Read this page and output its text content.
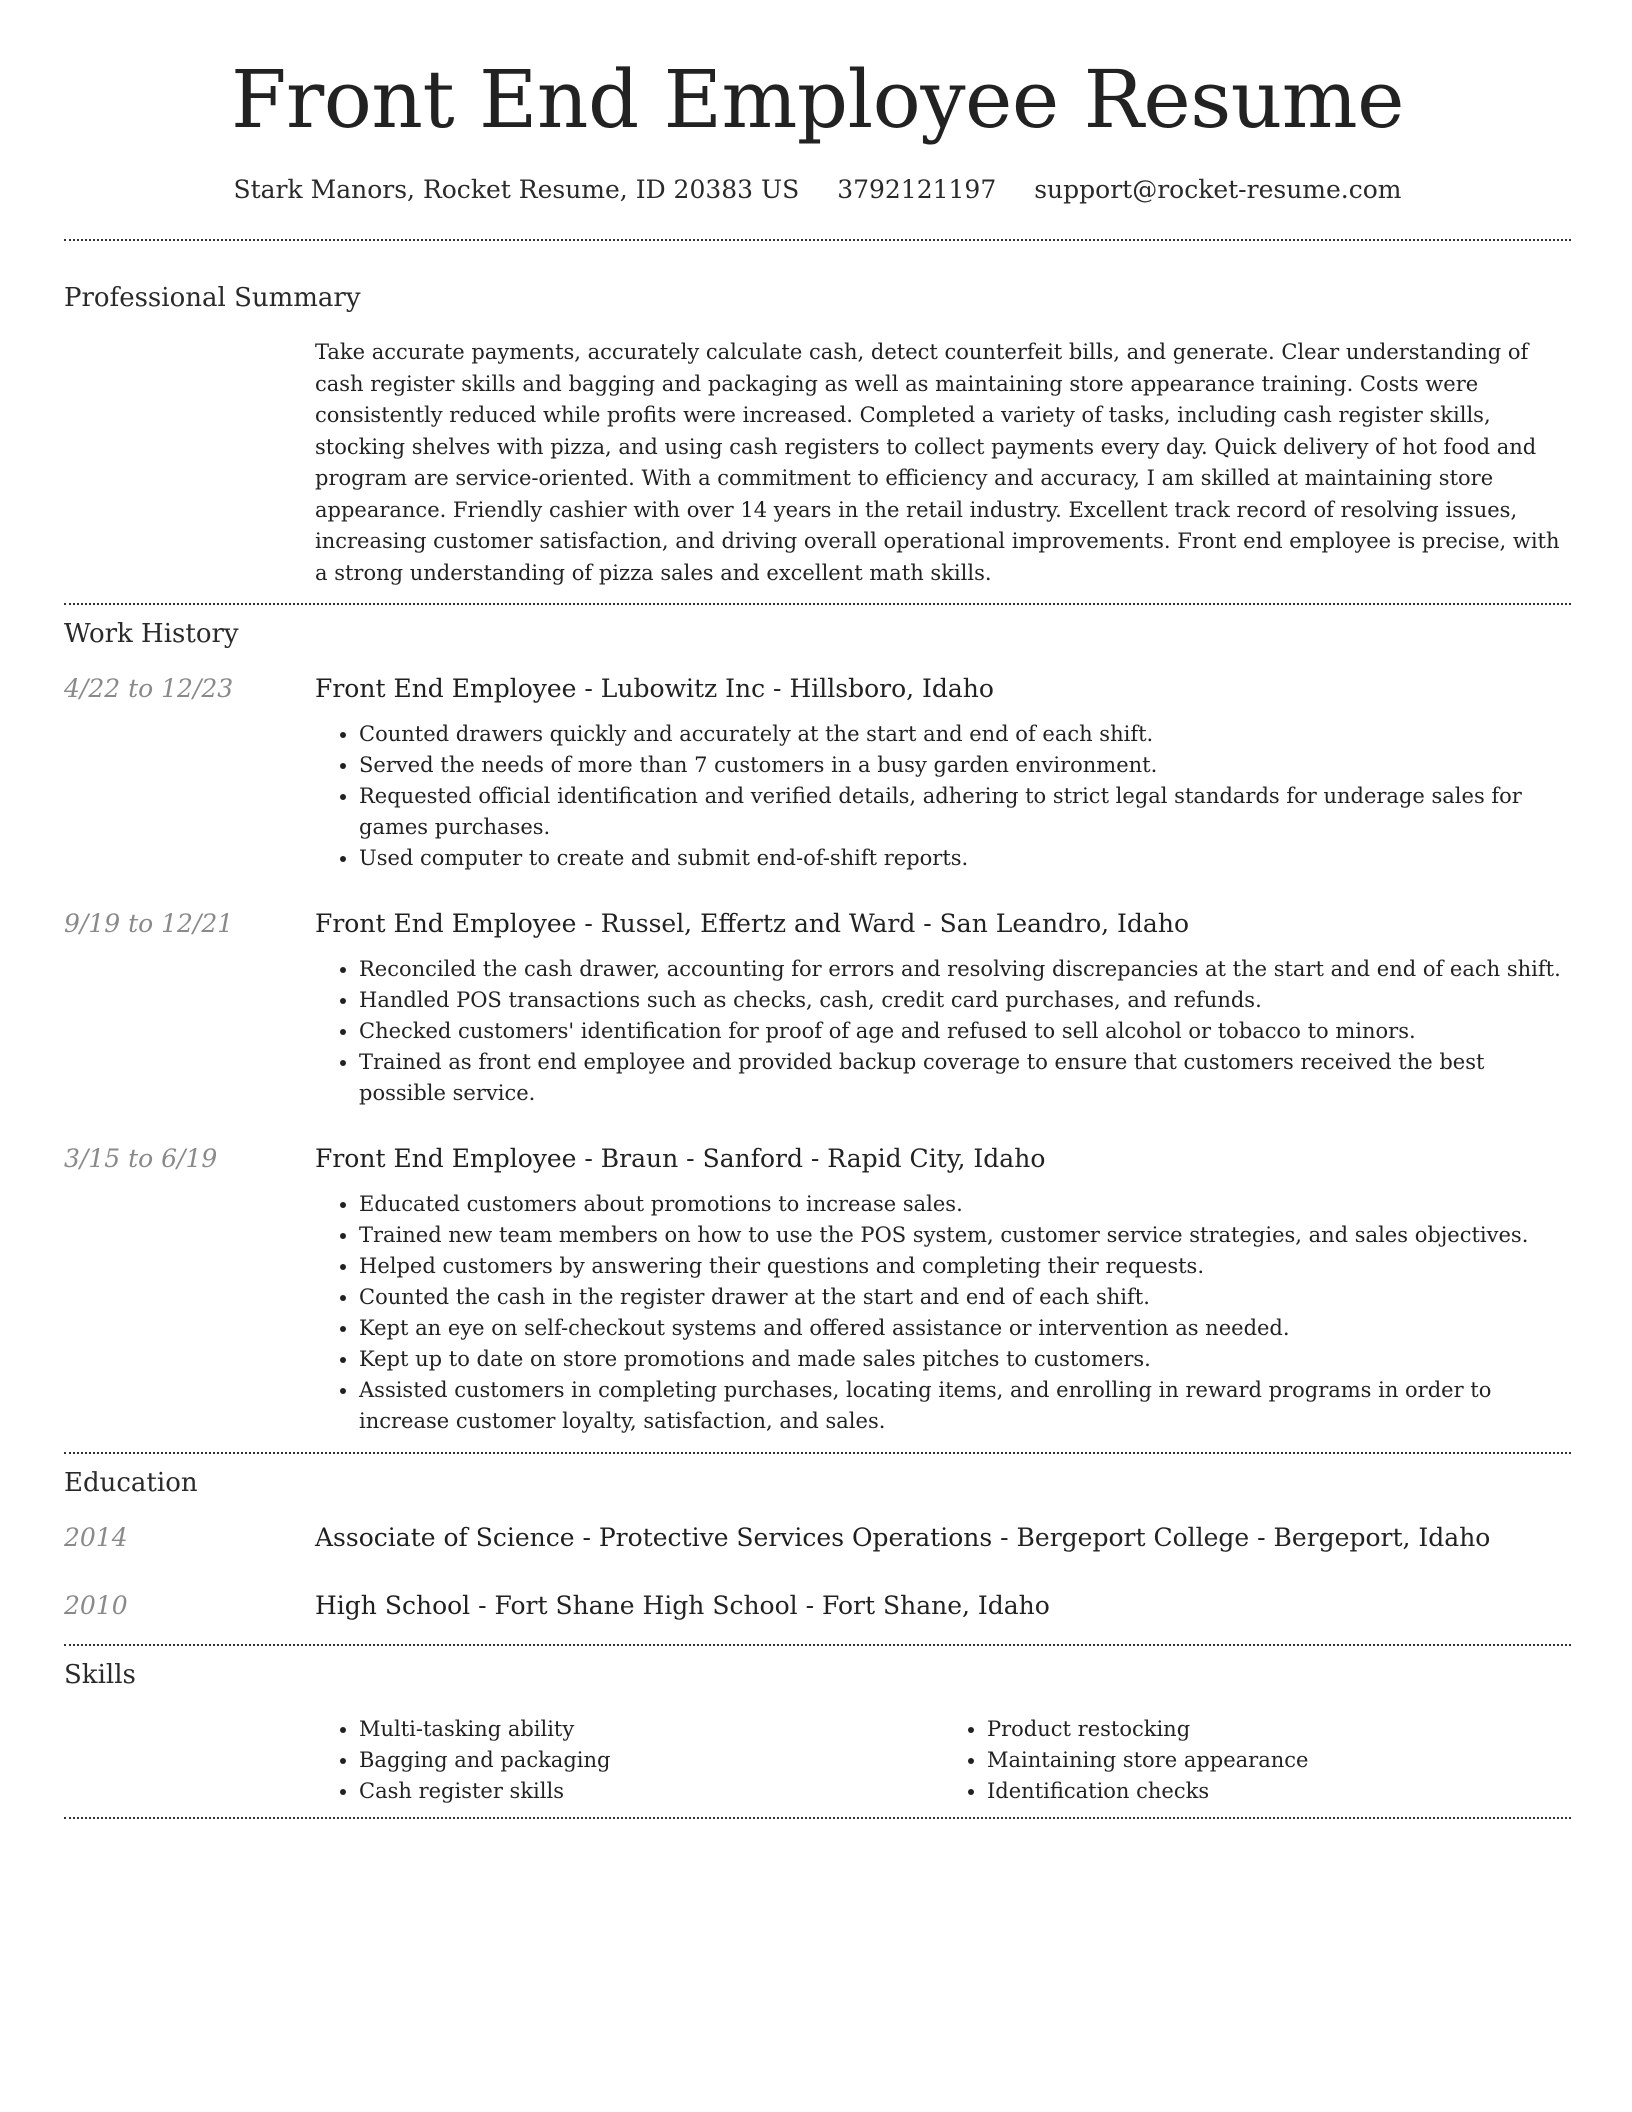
Front End Employee Resume
Stark Manors, Rocket Resume, ID 20383 US 3792121197 support@rocket-resume.com
Professional Summary

Take accurate payments, accurately calculate cash, detect counterfeit bills, and generate. Clear understanding of cash register skills and bagging and packaging as well as maintaining store appearance training. Costs were consistently reduced while profits were increased. Completed a variety of tasks, including cash register skills, stocking shelves with pizza, and using cash registers to collect payments every day. Quick delivery of hot food and program are service-oriented. With a commitment to efficiency and accuracy, I am skilled at maintaining store appearance. Friendly cashier with over 14 years in the retail industry. Excellent track record of resolving issues, increasing customer satisfaction, and driving overall operational improvements. Front end employee is precise, with a strong understanding of pizza sales and excellent math skills.

Work History
4/22 to 12/23	Front End Employee - Lubowitz Inc - Hillsboro, Idaho
• Counted drawers quickly and accurately at the start and end of each shift.
• Served the needs of more than 7 customers in a busy garden environment.
• Requested official identification and verified details, adhering to strict legal standards for underage sales for games purchases.
• Used computer to create and submit end-of-shift reports.
9/19 to 12/21	Front End Employee - Russel, Effertz and Ward - San Leandro, Idaho
• Reconciled the cash drawer, accounting for errors and resolving discrepancies at the start and end of each shift.
• Handled POS transactions such as checks, cash, credit card purchases, and refunds.
• Checked customers' identification for proof of age and refused to sell alcohol or tobacco to minors.
• Trained as front end employee and provided backup coverage to ensure that customers received the best possible service.
3/15 to 6/19	Front End Employee - Braun - Sanford - Rapid City, Idaho
• Educated customers about promotions to increase sales.
• Trained new team members on how to use the POS system, customer service strategies, and sales objectives.
• Helped customers by answering their questions and completing their requests.
• Counted the cash in the register drawer at the start and end of each shift.
• Kept an eye on self-checkout systems and offered assistance or intervention as needed.
• Kept up to date on store promotions and made sales pitches to customers.
• Assisted customers in completing purchases, locating items, and enrolling in reward programs in order to increase customer loyalty, satisfaction, and sales.
Education
2014	Associate of Science - Protective Services Operations - Bergeport College - Bergeport, Idaho
2010	High School - Fort Shane High School - Fort Shane, Idaho
Skills
• Multi-tasking ability
• Bagging and packaging
• Cash register skills
• Product restocking
• Maintaining store appearance
• Identification checks
